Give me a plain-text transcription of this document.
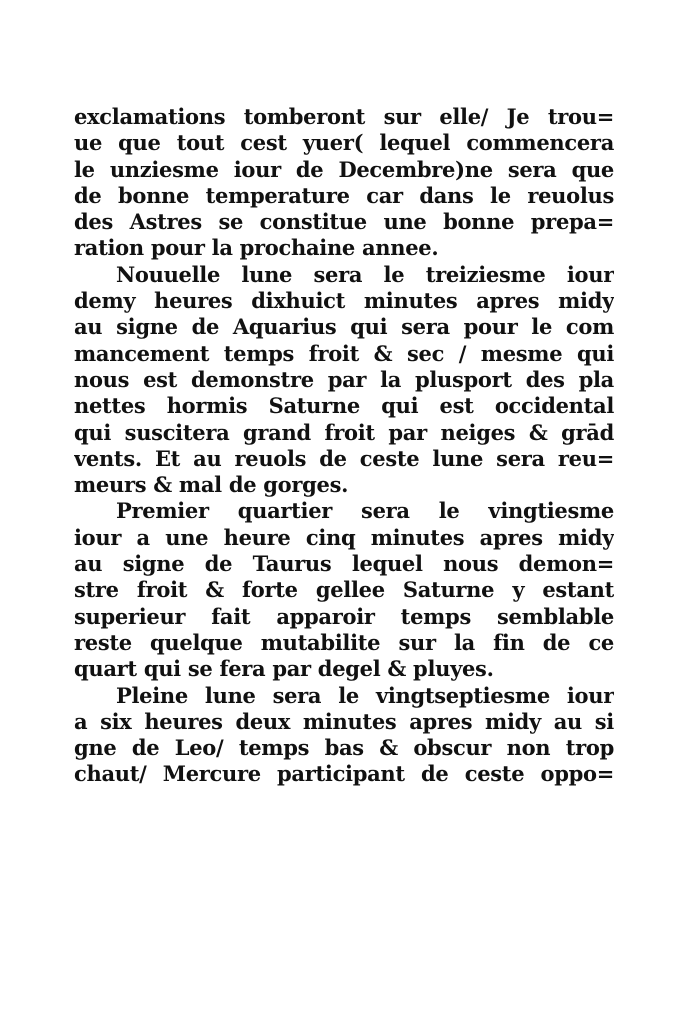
exclamations tomberont sur elle/ Je trou=
ue que tout cest yuer( lequel commencera
le unziesme iour de Decembre)ne sera que
de bonne temperature car dans le reuolus
des Astres se constitue une bonne prepa=
ration pour la prochaine annee.
Nouuelle lune sera le treiziesme iour
demy heures dixhuict minutes apres midy
au signe de Aquarius qui sera pour le com
mancement temps froit & sec / mesme qui
nous est demonstre par la plusport des pla
nettes hormis Saturne qui est occidental
qui suscitera grand froit par neiges & grād
vents. Et au reuols de ceste lune sera reu=
meurs & mal de gorges.
Premier quartier sera le vingtiesme
iour a une heure cinq minutes apres midy
au signe de Taurus lequel nous demon=
stre froit & forte gellee Saturne y estant
superieur fait apparoir temps semblable
reste quelque mutabilite sur la fin de ce
quart qui se fera par degel & pluyes.
Pleine lune sera le vingtseptiesme iour
a six heures deux minutes apres midy au si
gne de Leo/ temps bas & obscur non trop
chaut/ Mercure participant de ceste oppo=
